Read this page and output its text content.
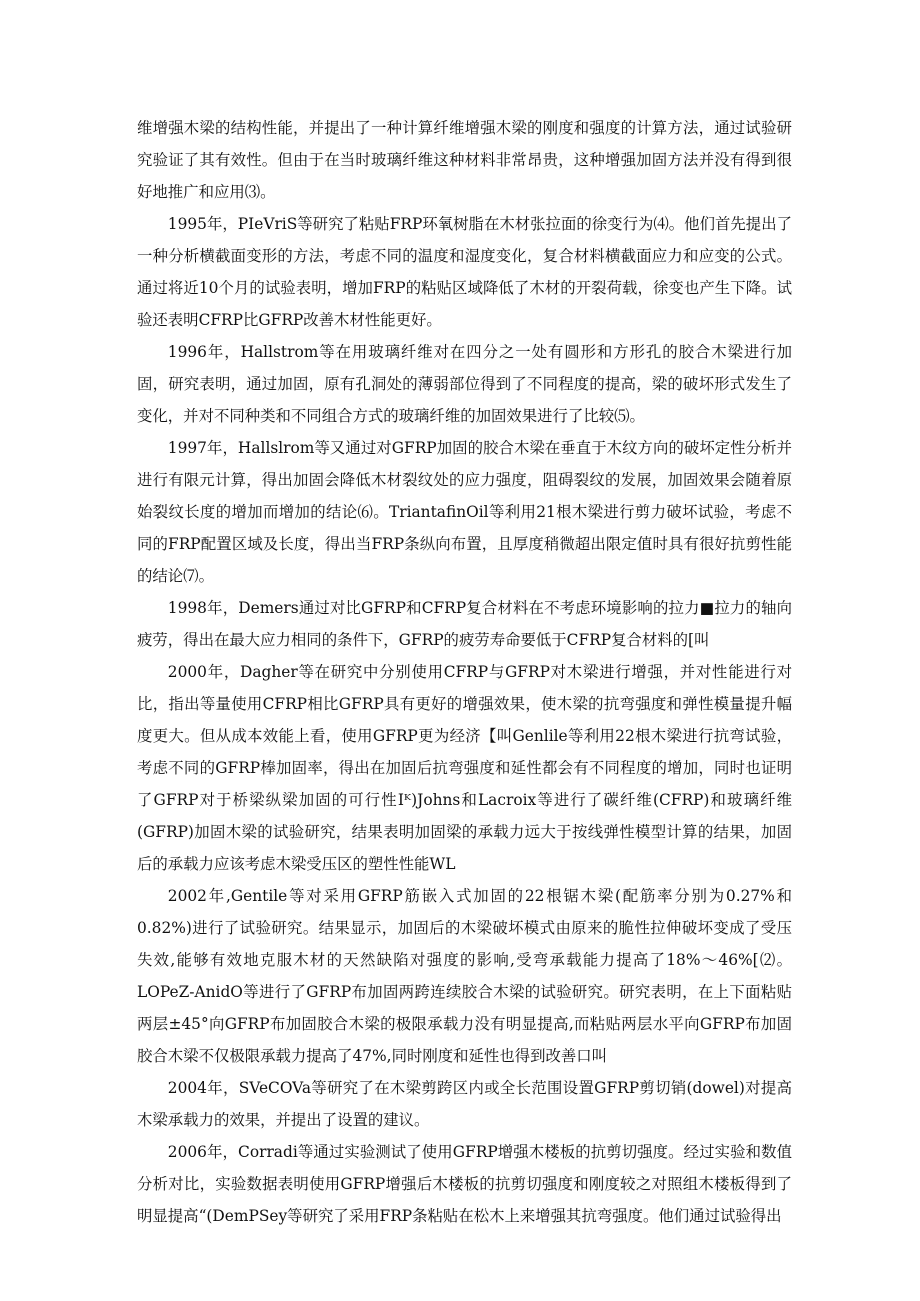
维增强木梁的结构性能，并提出了一种计算纤维增强木梁的刚度和强度的计算方法，通过试验研究验证了其有效性。但由于在当时玻璃纤维这种材料非常昂贵，这种增强加固方法并没有得到很好地推广和应用⑶。

1995年，PIeVriS等研究了粘贴FRP环氧树脂在木材张拉面的徐变行为⑷。他们首先提出了一种分析横截面变形的方法，考虑不同的温度和湿度变化，复合材料横截面应力和应变的公式。通过将近10个月的试验表明，增加FRP的粘贴区域降低了木材的开裂荷载，徐变也产生下降。试验还表明CFRP比GFRP改善木材性能更好。

1996年，Hallstrom等在用玻璃纤维对在四分之一处有圆形和方形孔的胶合木梁进行加固，研究表明，通过加固，原有孔洞处的薄弱部位得到了不同程度的提高，梁的破坏形式发生了变化，并对不同种类和不同组合方式的玻璃纤维的加固效果进行了比较⑸。

1997年，Hallslrom等又通过对GFRP加固的胶合木梁在垂直于木纹方向的破坏定性分析并进行有限元计算，得出加固会降低木材裂纹处的应力强度，阻碍裂纹的发展，加固效果会随着原始裂纹长度的增加而增加的结论⑹。TriantafinOil等利用21根木梁进行剪力破坏试验，考虑不同的FRP配置区域及长度，得出当FRP条纵向布置，且厚度稍微超出限定值时具有很好抗剪性能的结论⑺。

1998年，Demers通过对比GFRP和CFRP复合材料在不考虑环境影响的拉力■拉力的轴向疲劳，得出在最大应力相同的条件下，GFRP的疲劳寿命要低于CFRP复合材料的[叫

2000年，Dagher等在研究中分别使用CFRP与GFRP对木梁进行增强，并对性能进行对比，指出等量使用CFRP相比GFRP具有更好的增强效果，使木梁的抗弯强度和弹性模量提升幅度更大。但从成本效能上看，使用GFRP更为经济【叫Genlile等利用22根木梁进行抗弯试验，考虑不同的GFRP棒加固率，得出在加固后抗弯强度和延性都会有不同程度的增加，同时也证明了GFRP对于桥梁纵梁加固的可行性Iᴷ)Johns和Lacroix等进行了碳纤维(CFRP)和玻璃纤维(GFRP)加固木梁的试验研究，结果表明加固梁的承载力远大于按线弹性模型计算的结果，加固后的承载力应该考虑木梁受压区的塑性性能WL

2002年,Gentile等对采用GFRP筋嵌入式加固的22根锯木梁(配筋率分别为0.27%和0.82%)进行了试验研究。结果显示，加固后的木梁破坏模式由原来的脆性拉伸破坏变成了受压失效,能够有效地克服木材的天然缺陷对强度的影响,受弯承载能力提高了18%～46%[⑵。LOPeZ-AnidO等进行了GFRP布加固两跨连续胶合木梁的试验研究。研究表明，在上下面粘贴两层±45°向GFRP布加固胶合木梁的极限承载力没有明显提高,而粘贴两层水平向GFRP布加固胶合木梁不仅极限承载力提高了47%,同时刚度和延性也得到改善口叫

2004年，SVeCOVa等研究了在木梁剪跨区内或全长范围设置GFRP剪切销(dowel)对提高木梁承载力的效果，并提出了设置的建议。

2006年，Corradi等通过实验测试了使用GFRP增强木楼板的抗剪切强度。经过实验和数值分析对比，实验数据表明使用GFRP增强后木楼板的抗剪切强度和刚度较之对照组木楼板得到了明显提高“(DemPSey等研究了采用FRP条粘贴在松木上来增强其抗弯强度。他们通过试验得出
